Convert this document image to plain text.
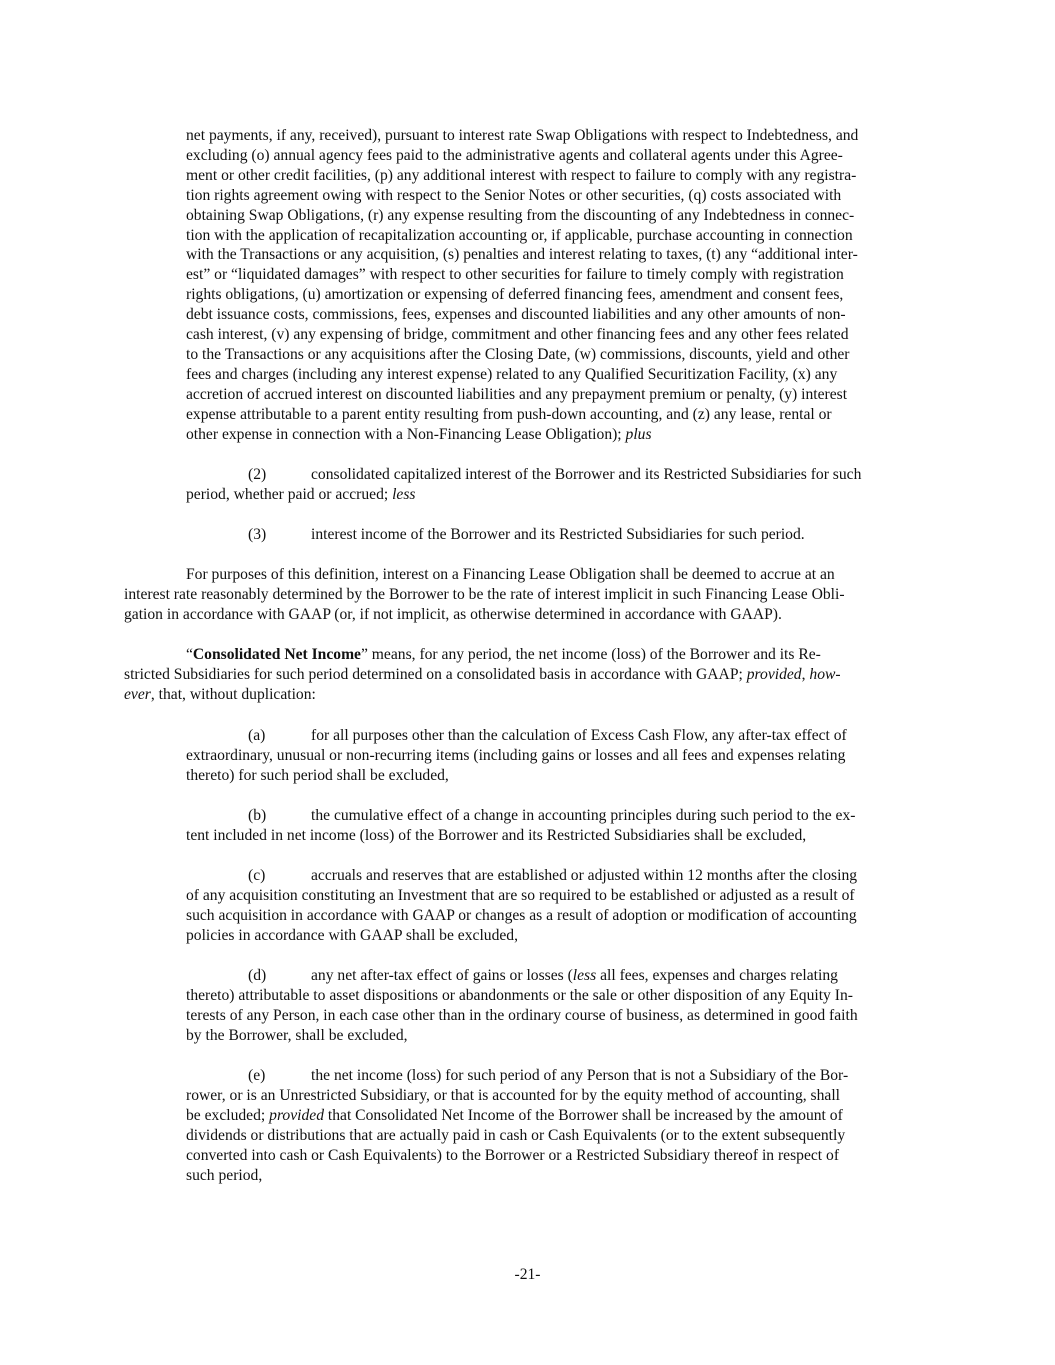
net payments, if any, received), pursuant to interest rate Swap Obligations with respect to Indebtedness, and
excluding (o) annual agency fees paid to the administrative agents and collateral agents under this Agree-
ment or other credit facilities, (p) any additional interest with respect to failure to comply with any registra-
tion rights agreement owing with respect to the Senior Notes or other securities, (q) costs associated with
obtaining Swap Obligations, (r) any expense resulting from the discounting of any Indebtedness in connec-
tion with the application of recapitalization accounting or, if applicable, purchase accounting in connection
with the Transactions or any acquisition, (s) penalties and interest relating to taxes, (t) any “additional inter-
est” or “liquidated damages” with respect to other securities for failure to timely comply with registration
rights obligations, (u) amortization or expensing of deferred financing fees, amendment and consent fees,
debt issuance costs, commissions, fees, expenses and discounted liabilities and any other amounts of non-
cash interest, (v) any expensing of bridge, commitment and other financing fees and any other fees related
to the Transactions or any acquisitions after the Closing Date, (w) commissions, discounts, yield and other
fees and charges (including any interest expense) related to any Qualified Securitization Facility, (x) any
accretion of accrued interest on discounted liabilities and any prepayment premium or penalty, (y) interest
expense attributable to a parent entity resulting from push-down accounting, and (z) any lease, rental or
other expense in connection with a Non-Financing Lease Obligation); plus
(2)	consolidated capitalized interest of the Borrower and its Restricted Subsidiaries for such
period, whether paid or accrued; less
(3)	interest income of the Borrower and its Restricted Subsidiaries for such period.
For purposes of this definition, interest on a Financing Lease Obligation shall be deemed to accrue at an
interest rate reasonably determined by the Borrower to be the rate of interest implicit in such Financing Lease Obli-
gation in accordance with GAAP (or, if not implicit, as otherwise determined in accordance with GAAP).
“Consolidated Net Income” means, for any period, the net income (loss) of the Borrower and its Re-
stricted Subsidiaries for such period determined on a consolidated basis in accordance with GAAP; provided, how-
ever, that, without duplication:
(a)	for all purposes other than the calculation of Excess Cash Flow, any after-tax effect of
extraordinary, unusual or non-recurring items (including gains or losses and all fees and expenses relating
thereto) for such period shall be excluded,
(b)	the cumulative effect of a change in accounting principles during such period to the ex-
tent included in net income (loss) of the Borrower and its Restricted Subsidiaries shall be excluded,
(c)	accruals and reserves that are established or adjusted within 12 months after the closing
of any acquisition constituting an Investment that are so required to be established or adjusted as a result of
such acquisition in accordance with GAAP or changes as a result of adoption or modification of accounting
policies in accordance with GAAP shall be excluded,
(d)	any net after-tax effect of gains or losses (less all fees, expenses and charges relating
thereto) attributable to asset dispositions or abandonments or the sale or other disposition of any Equity In-
terests of any Person, in each case other than in the ordinary course of business, as determined in good faith
by the Borrower, shall be excluded,
(e)	the net income (loss) for such period of any Person that is not a Subsidiary of the Bor-
rower, or is an Unrestricted Subsidiary, or that is accounted for by the equity method of accounting, shall
be excluded; provided that Consolidated Net Income of the Borrower shall be increased by the amount of
dividends or distributions that are actually paid in cash or Cash Equivalents (or to the extent subsequently
converted into cash or Cash Equivalents) to the Borrower or a Restricted Subsidiary thereof in respect of
such period,
-21-
